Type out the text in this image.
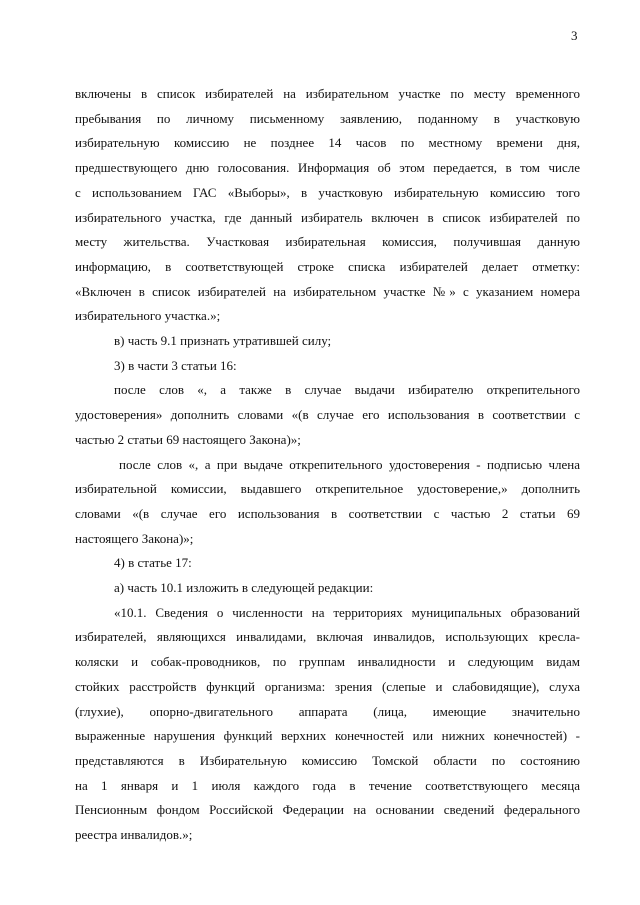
3
включены в список избирателей на избирательном участке по месту временного
пребывания по личному письменному заявлению, поданному в участковую
избирательную комиссию не позднее 14 часов по местному времени дня,
предшествующего дню голосования. Информация об этом передается, в том числе
с использованием ГАС «Выборы», в участковую избирательную комиссию того
избирательного участка, где данный избиратель включен в список избирателей по
месту жительства. Участковая избирательная комиссия, получившая данную
информацию, в соответствующей строке списка избирателей делает отметку:
«Включен в список избирателей на избирательном участке №» с указанием номера
избирательного участка.»;
в) часть 9.1 признать утратившей силу;
3) в части 3 статьи 16:
после слов «, а также в случае выдачи избирателю открепительного
удостоверения» дополнить словами «(в случае его использования в соответствии с
частью 2 статьи 69 настоящего Закона)»;
после слов «, а при выдаче открепительного удостоверения - подписью члена
избирательной комиссии, выдавшего открепительное удостоверение,» дополнить
словами «(в случае его использования в соответствии с частью 2 статьи 69
настоящего Закона)»;
4) в статье 17:
а) часть 10.1 изложить в следующей редакции:
«10.1. Сведения о численности на территориях муниципальных образований
избирателей, являющихся инвалидами, включая инвалидов, использующих кресла-
коляски и собак-проводников, по группам инвалидности и следующим видам
стойких расстройств функций организма: зрения (слепые и слабовидящие), слуха
(глухие), опорно-двигательного аппарата (лица, имеющие значительно
выраженные нарушения функций верхних конечностей или нижних конечностей) -
представляются в Избирательную комиссию Томской области по состоянию
на 1 января и 1 июля каждого года в течение соответствующего месяца
Пенсионным фондом Российской Федерации на основании сведений федерального
реестра инвалидов.»;
